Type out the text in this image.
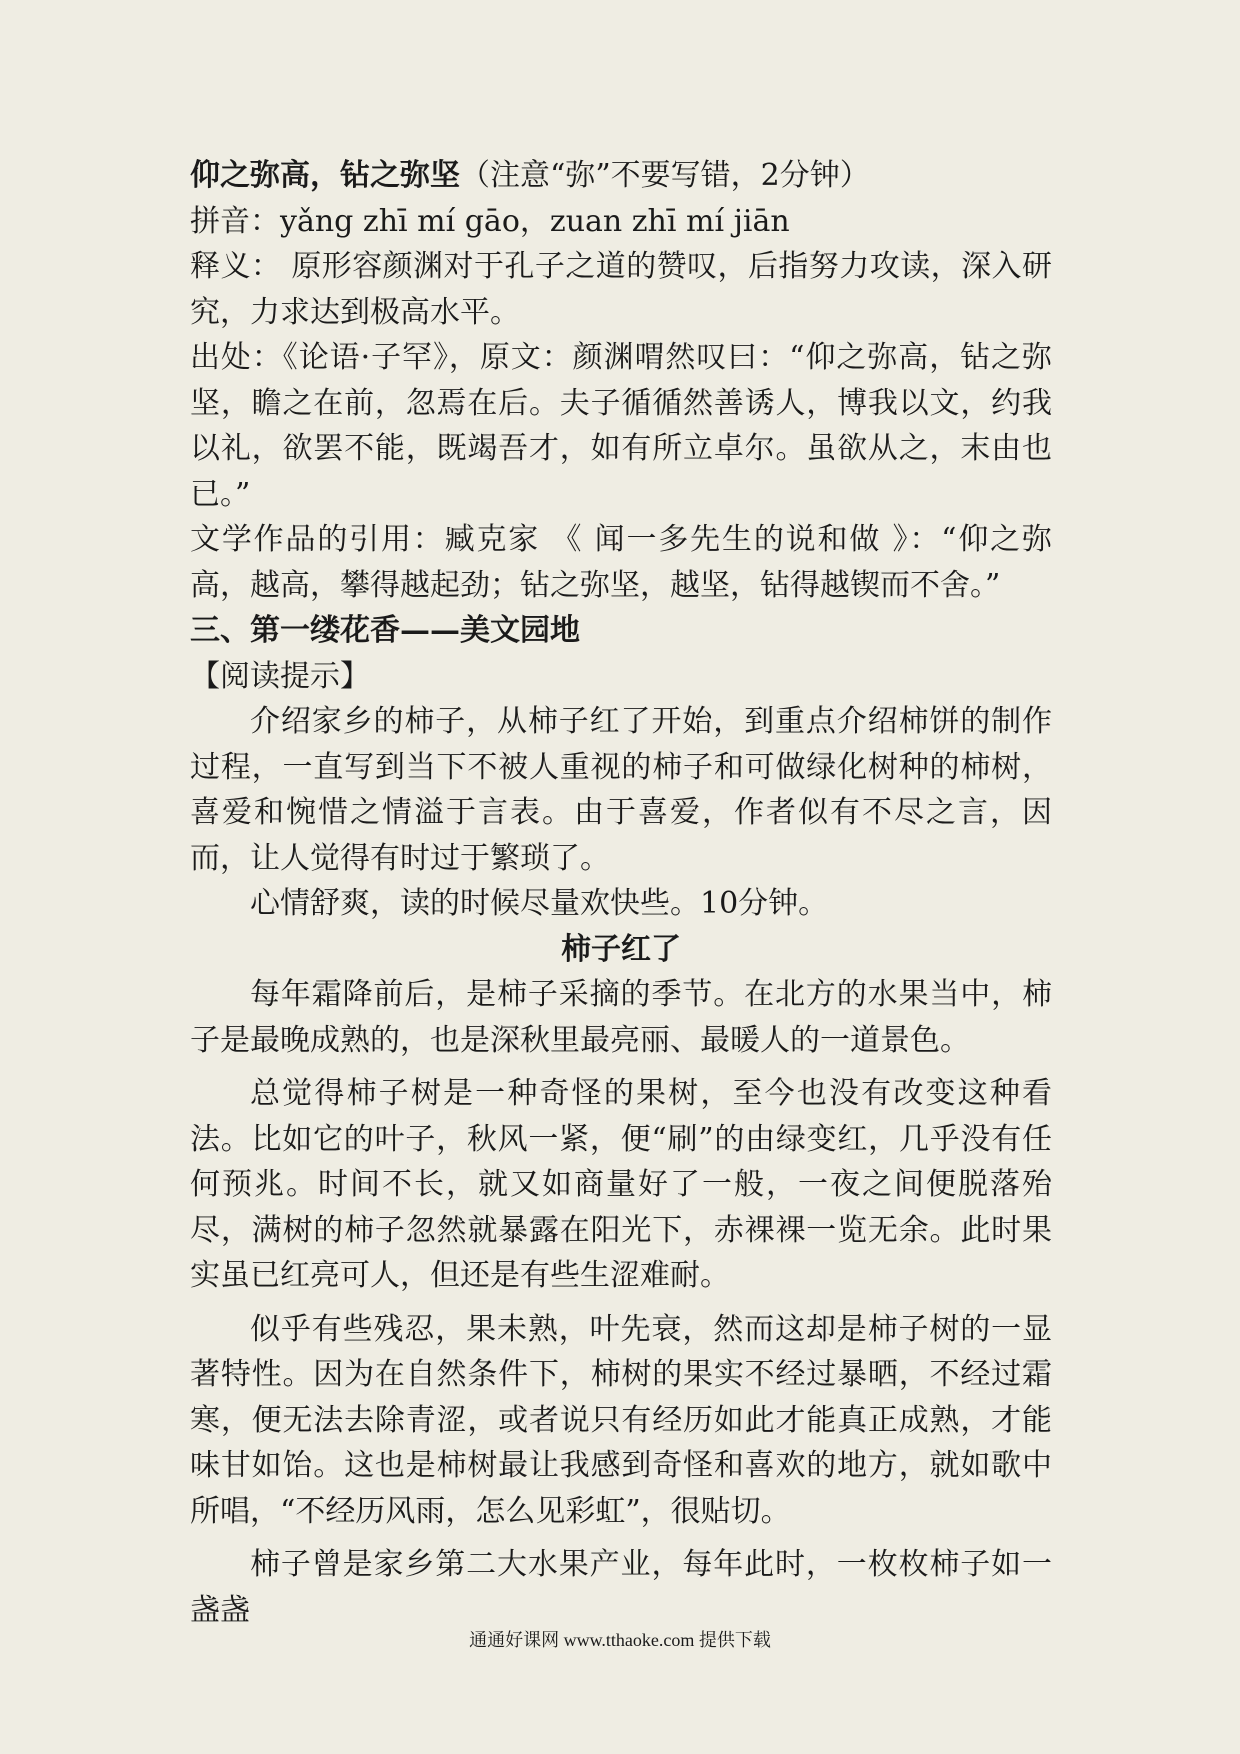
仰之弥高，钻之弥坚（注意“弥”不要写错，2分钟）

拼音：yǎng zhī mí gāo，zuan zhī mí jiān

释义： 原形容颜渊对于孔子之道的赞叹，后指努力攻读，深入研究，力求达到极高水平。

出处：《论语·子罕》，原文：颜渊喟然叹曰：“仰之弥高，钻之弥坚，瞻之在前，忽焉在后。夫子循循然善诱人，博我以文，约我以礼，欲罢不能，既竭吾才，如有所立卓尔。虽欲从之，末由也已。”

文学作品的引用：臧克家 《 闻一多先生的说和做 》：“仰之弥高，越高，攀得越起劲；钻之弥坚，越坚，钻得越锲而不舍。”

三、第一缕花香——美文园地

【阅读提示】

介绍家乡的柿子，从柿子红了开始，到重点介绍柿饼的制作过程，一直写到当下不被人重视的柿子和可做绿化树种的柿树，喜爱和惋惜之情溢于言表。由于喜爱，作者似有不尽之言，因而，让人觉得有时过于繁琐了。

心情舒爽，读的时候尽量欢快些。10分钟。

柿子红了

每年霜降前后，是柿子采摘的季节。在北方的水果当中，柿子是最晚成熟的，也是深秋里最亮丽、最暖人的一道景色。

总觉得柿子树是一种奇怪的果树，至今也没有改变这种看法。比如它的叶子，秋风一紧，便“刷”的由绿变红，几乎没有任何预兆。时间不长，就又如商量好了一般，一夜之间便脱落殆尽，满树的柿子忽然就暴露在阳光下，赤裸裸一览无余。此时果实虽已红亮可人，但还是有些生涩难耐。

似乎有些残忍，果未熟，叶先衰，然而这却是柿子树的一显著特性。因为在自然条件下，柿树的果实不经过暴晒，不经过霜寒，便无法去除青涩，或者说只有经历如此才能真正成熟，才能味甘如饴。这也是柿树最让我感到奇怪和喜欢的地方，就如歌中所唱，“不经历风雨，怎么见彩虹”，很贴切。

柿子曾是家乡第二大水果产业，每年此时，一枚枚柿子如一盏盏

通通好课网 www.tthaoke.com 提供下载
